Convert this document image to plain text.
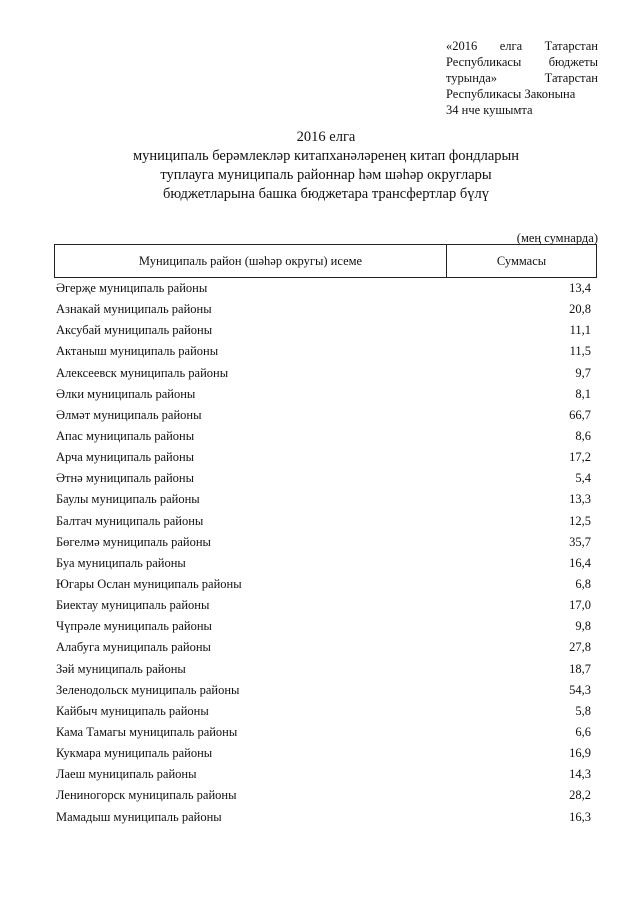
«2016 елга Татарстан
Республикасы бюджеты
турында»	Татарстан
Республикасы Законына
34 нче кушымта
2016 елга
муниципаль берәмлекләр китапханәләренең китап фондларын
туплауга муниципаль районнар һәм шәһәр округлары
бюджетларына башка бюджетара трансфертлар бүлү
(мең сумнарда)
Муниципаль район (шәһәр округы) исеме	Суммасы
Әгерҗе муниципаль районы	13,4
Азнакай муниципаль районы	20,8
Аксубай муниципаль районы	11,1
Актаныш муниципаль районы	11,5
Алексеевск муниципаль районы	9,7
Әлки муниципаль районы	8,1
Әлмәт муниципаль районы	66,7
Апас муниципаль районы	8,6
Арча муниципаль районы	17,2
Әтнә муниципаль районы	5,4
Баулы муниципаль районы	13,3
Балтач муниципаль районы	12,5
Бөгелмә муниципаль районы	35,7
Буа муниципаль районы	16,4
Югары Ослан муниципаль районы	6,8
Биектау муниципаль районы	17,0
Чүпрәле муниципаль районы	9,8
Алабуга муниципаль районы	27,8
Зәй муниципаль районы	18,7
Зеленодольск муниципаль районы	54,3
Кайбыч муниципаль районы	5,8
Кама Тамагы муниципаль районы	6,6
Кукмара муниципаль районы	16,9
Лаеш муниципаль районы	14,3
Лениногорск муниципаль районы	28,2
Мамадыш муниципаль районы	16,3
